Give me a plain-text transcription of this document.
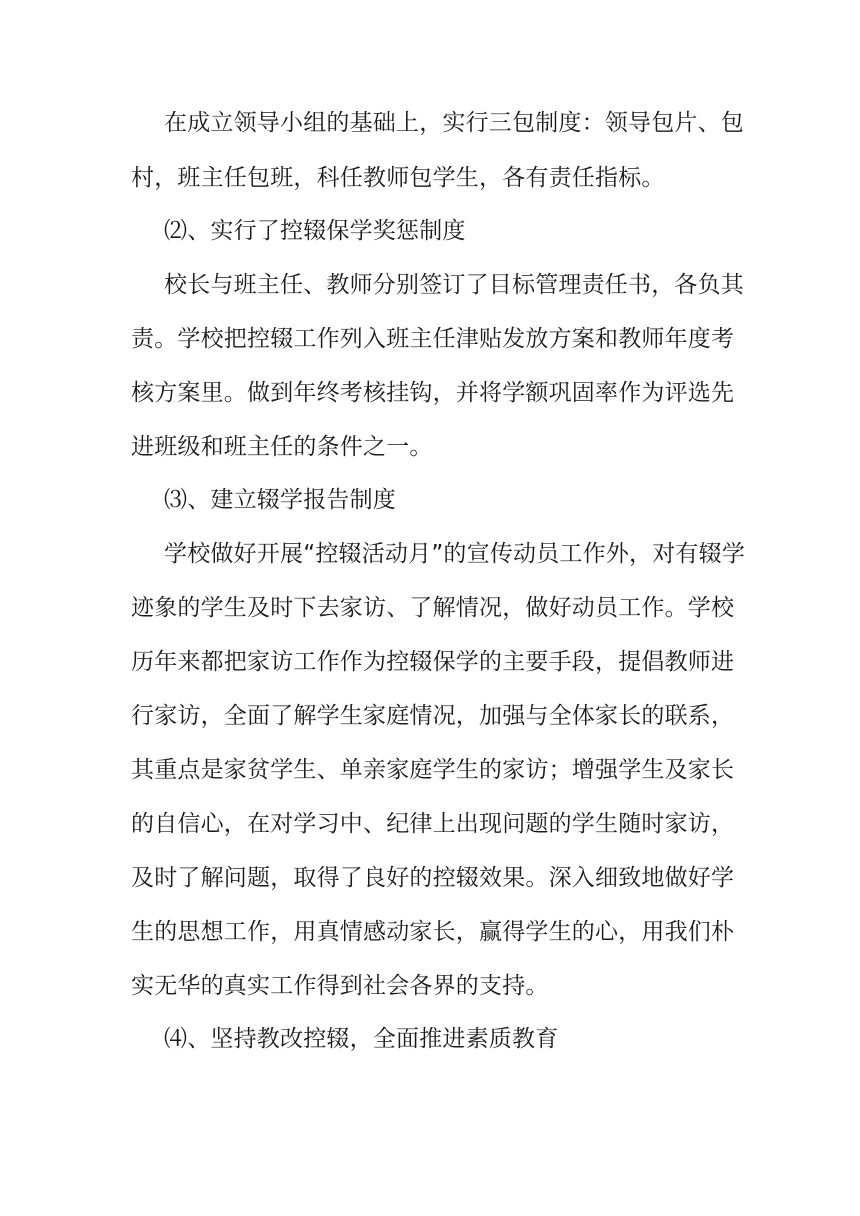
在成立领导小组的基础上，实行三包制度：领导包片、包
村，班主任包班，科任教师包学生，各有责任指标。
⑵、实行了控辍保学奖惩制度
校长与班主任、教师分别签订了目标管理责任书，各负其
责。学校把控辍工作列入班主任津贴发放方案和教师年度考
核方案里。做到年终考核挂钩，并将学额巩固率作为评选先
进班级和班主任的条件之一。
⑶、建立辍学报告制度
学校做好开展“控辍活动月”的宣传动员工作外，对有辍学
迹象的学生及时下去家访、了解情况，做好动员工作。学校
历年来都把家访工作作为控辍保学的主要手段，提倡教师进
行家访，全面了解学生家庭情况，加强与全体家长的联系，
其重点是家贫学生、单亲家庭学生的家访；增强学生及家长
的自信心，在对学习中、纪律上出现问题的学生随时家访，
及时了解问题，取得了良好的控辍效果。深入细致地做好学
生的思想工作，用真情感动家长，赢得学生的心，用我们朴
实无华的真实工作得到社会各界的支持。
⑷、坚持教改控辍，全面推进素质教育
